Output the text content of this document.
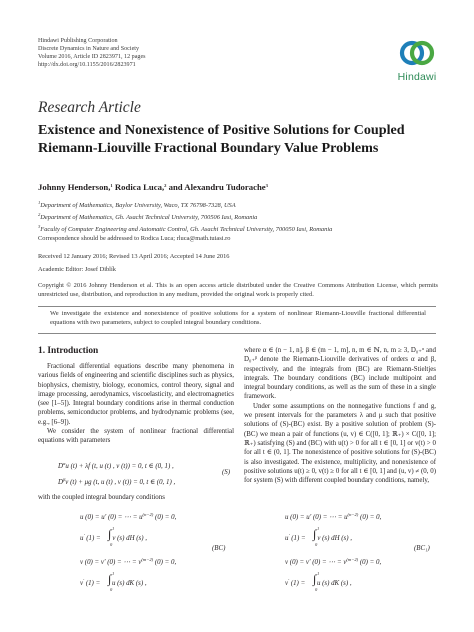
Hindawi Publishing Corporation
Discrete Dynamics in Nature and Society
Volume 2016, Article ID 2823971, 12 pages
http://dx.doi.org/10.1155/2016/2823971
Hindawi
Research Article
Existence and Nonexistence of Positive Solutions for Coupled
Riemann-Liouville Fractional Boundary Value Problems
Johnny Henderson,$^1$ Rodica Luca,$^2$ and Alexandru Tudorache$^3$
$^1$Department of Mathematics, Baylor University, Waco, TX 76798-7328, USA
$^2$Department of Mathematics, Gh. Asachi Technical University, 700506 Iasi, Romania
$^3$Faculty of Computer Engineering and Automatic Control, Gh. Asachi Technical University, 700050 Iasi, Romania
Correspondence should be addressed to Rodica Luca; rluca@math.tuiasi.ro
Received 12 January 2016; Revised 13 April 2016; Accepted 14 June 2016
Academic Editor: Josef Diblík
Copyright © 2016 Johnny Henderson et al. This is an open access article distributed under the Creative Commons Attribution License, which permits unrestricted use, distribution, and reproduction in any medium, provided the original work is properly cited.
We investigate the existence and nonexistence of positive solutions for a system of nonlinear Riemann-Liouville fractional differential equations with two parameters, subject to coupled integral boundary conditions.
1. Introduction

Fractional differential equations describe many phenomena in various fields of engineering and scientific disciplines such as physics, biophysics, chemistry, biology, economics, control theory, signal and image processing, aerodynamics, viscoelasticity, and electromagnetics (see [1–5]). Integral boundary conditions arise in thermal conduction problems, semiconductor problems, and hydrodynamic problems (see, e.g., [6–9]).

We consider the system of nonlinear fractional differential equations with parameters

$D^\alpha u$ (t) + λf (t, u (t) , v (t)) = 0, t ∈ (0, 1) ,
$D^\beta v$ (t) + μg (t, u (t) , v (t)) = 0, t ∈ (0, 1) ,
(S)

with the coupled integral boundary conditions

u (0) = u′ (0) = ⋯ = $u^{(n-2)}$ (0) = 0,
u′ (1) = v (s) dH (s) ,
∫ 1
0
v (0) = v′ (0) = ⋯ = $v^{(m-2)}$ (0) = 0,
v′ (1) = u (s) dK (s) ,
∫ 1
0
(BC)

where α ∈ (n − 1, n], β ∈ (m − 1, m], n, m ∈ ℕ, n, m ≥ 3, D₀₊ᵅ and D₀₊ᵝ denote the Riemann-Liouville derivatives of orders α and β, respectively, and the integrals from (BC) are Riemann-Stieltjes integrals. The boundary conditions (BC) include multipoint and integral boundary conditions, as well as the sum of these in a single framework.

Under some assumptions on the nonnegative functions f and g, we present intervals for the parameters λ and μ such that positive solutions of (S)-(BC) exist. By a positive solution of problem (S)-(BC) we mean a pair of functions (u, v) ∈ C([0, 1]; ℝ₊) × C([0, 1]; ℝ₊) satisfying (S) and (BC) with u(t) > 0 for all t ∈ [0, 1] or v(t) > 0 for all t ∈ (0, 1]. The nonexistence of positive solutions for (S)-(BC) is also investigated. The existence, multiplicity, and nonexistence of positive solutions u(t) ≥ 0, v(t) ≥ 0 for all t ∈ [0, 1] and (u, v) ≠ (0, 0) for system (S) with different coupled boundary conditions, namely,

u (0) = u′ (0) = ⋯ = $u^{(n-2)}$ (0) = 0,
u′ (1) = v (s) dH (s) ,
∫ 1
0
v (0) = v′ (0) = ⋯ = $v^{(m-2)}$ (0) = 0,
v′ (1) = u (s) dK (s) ,
∫ 1
0
(BC₁)
